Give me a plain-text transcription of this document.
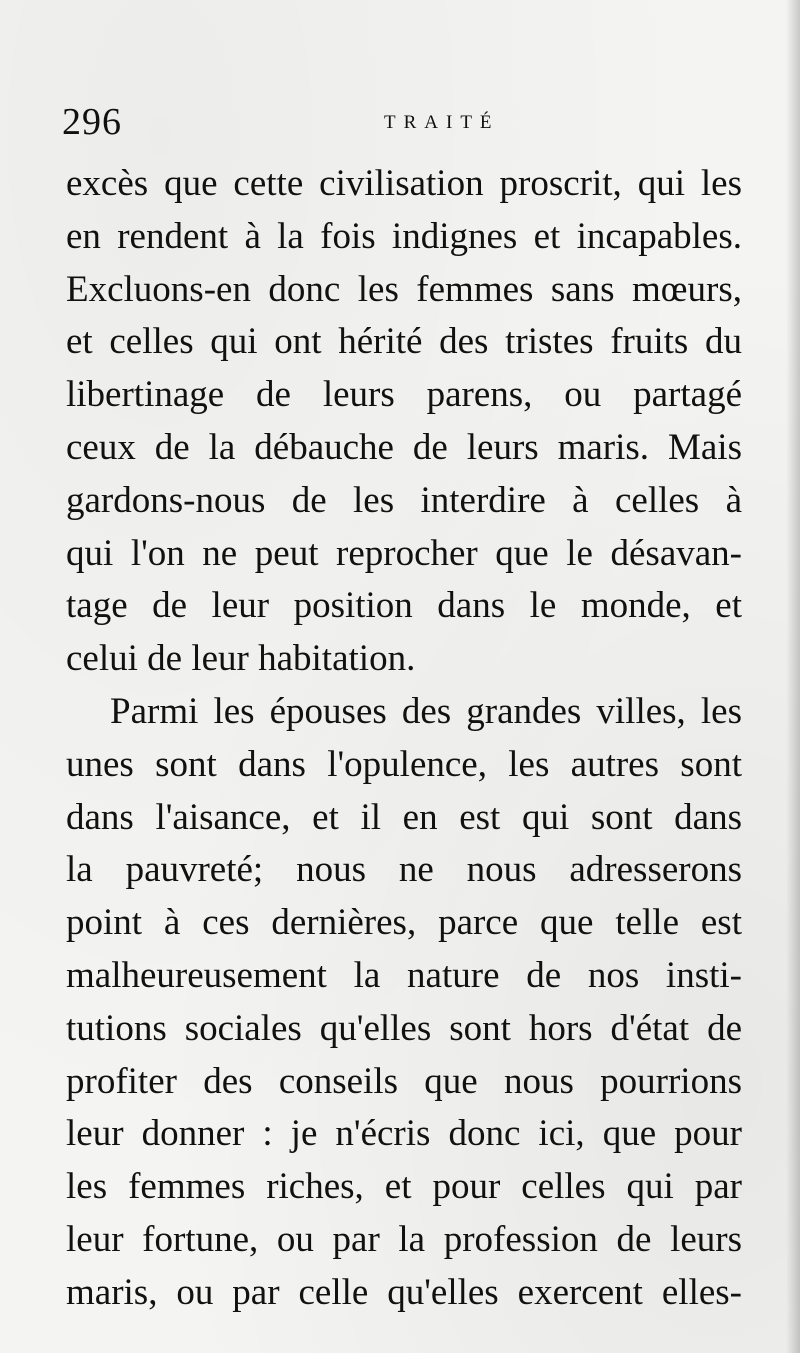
296	TRAITÉ
excès que cette civilisation proscrit, qui les
en rendent à la fois indignes et incapables.
Excluons-en donc les femmes sans mœurs,
et celles qui ont hérité des tristes fruits du
libertinage de leurs parens, ou partagé
ceux de la débauche de leurs maris. Mais
gardons-nous de les interdire à celles à
qui l'on ne peut reprocher que le désavan-
tage de leur position dans le monde, et
celui de leur habitation.
Parmi les épouses des grandes villes, les
unes sont dans l'opulence, les autres sont
dans l'aisance, et il en est qui sont dans
la pauvreté; nous ne nous adresserons
point à ces dernières, parce que telle est
malheureusement la nature de nos insti-
tutions sociales qu'elles sont hors d'état de
profiter des conseils que nous pourrions
leur donner : je n'écris donc ici, que pour
les femmes riches, et pour celles qui par
leur fortune, ou par la profession de leurs
maris, ou par celle qu'elles exercent elles-
